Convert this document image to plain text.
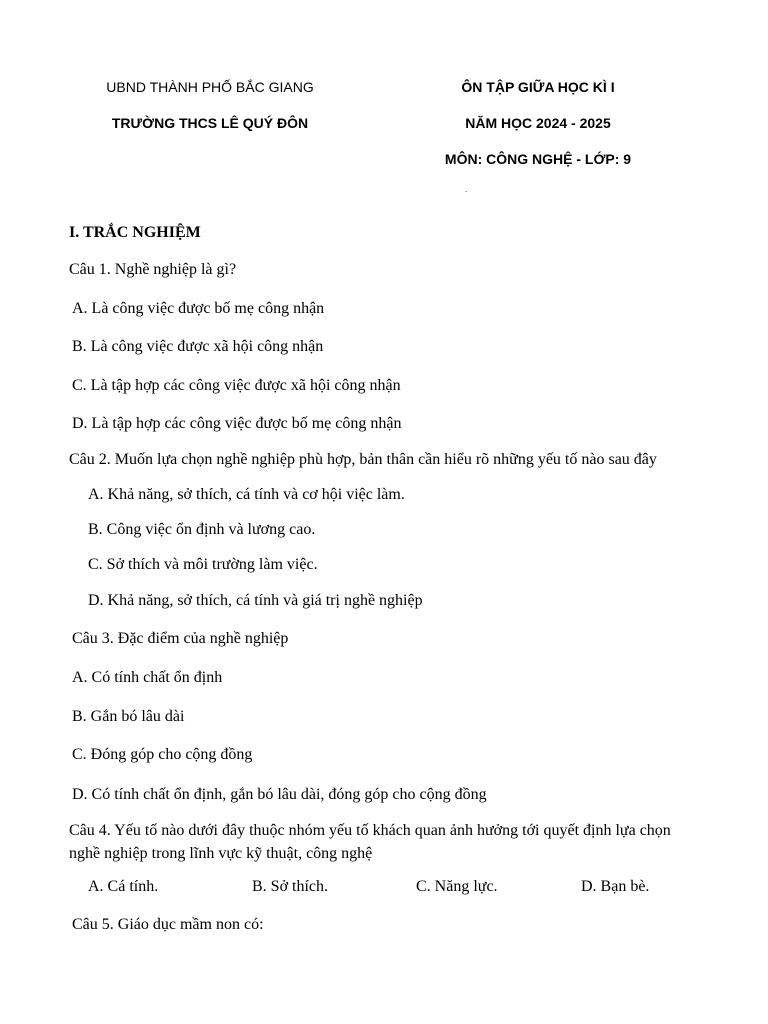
UBND THÀNH PHỐ BẮC GIANG
TRƯỜNG THCS LÊ QUÝ ĐÔN
ÔN TẬP GIỮA HỌC KÌ I
NĂM HỌC 2024 - 2025
MÔN: CÔNG NGHỆ - LỚP: 9
.
I. TRẮC NGHIỆM
Câu 1. Nghề nghiệp là gì?
A. Là công việc được bố mẹ công nhận
B. Là công việc được xã hội công nhận
C. Là tập hợp các công việc được xã hội công nhận
D. Là tập hợp các công việc được bố mẹ công nhận
Câu 2. Muốn lựa chọn nghề nghiệp phù hợp, bản thân cần hiểu rõ những yếu tố nào sau đây
A. Khả năng, sở thích, cá tính và cơ hội việc làm.
B. Công việc ổn định và lương cao.
C. Sở thích và môi trường làm việc.
D. Khả năng, sở thích, cá tính và giá trị nghề nghiệp
Câu 3. Đặc điểm của nghề nghiệp
A. Có tính chất ổn định
B. Gắn bó lâu dài
C. Đóng góp cho cộng đồng
D. Có tính chất ổn định, gắn bó lâu dài, đóng góp cho cộng đồng
Câu 4. Yếu tố nào dưới đây thuộc nhóm yếu tố khách quan ảnh hưởng tới quyết định lựa chọn nghề nghiệp trong lĩnh vực kỹ thuật, công nghệ
A. Cá tính.	B. Sở thích.	C. Năng lực.	D. Bạn bè.
Câu 5. Giáo dục mầm non có:
